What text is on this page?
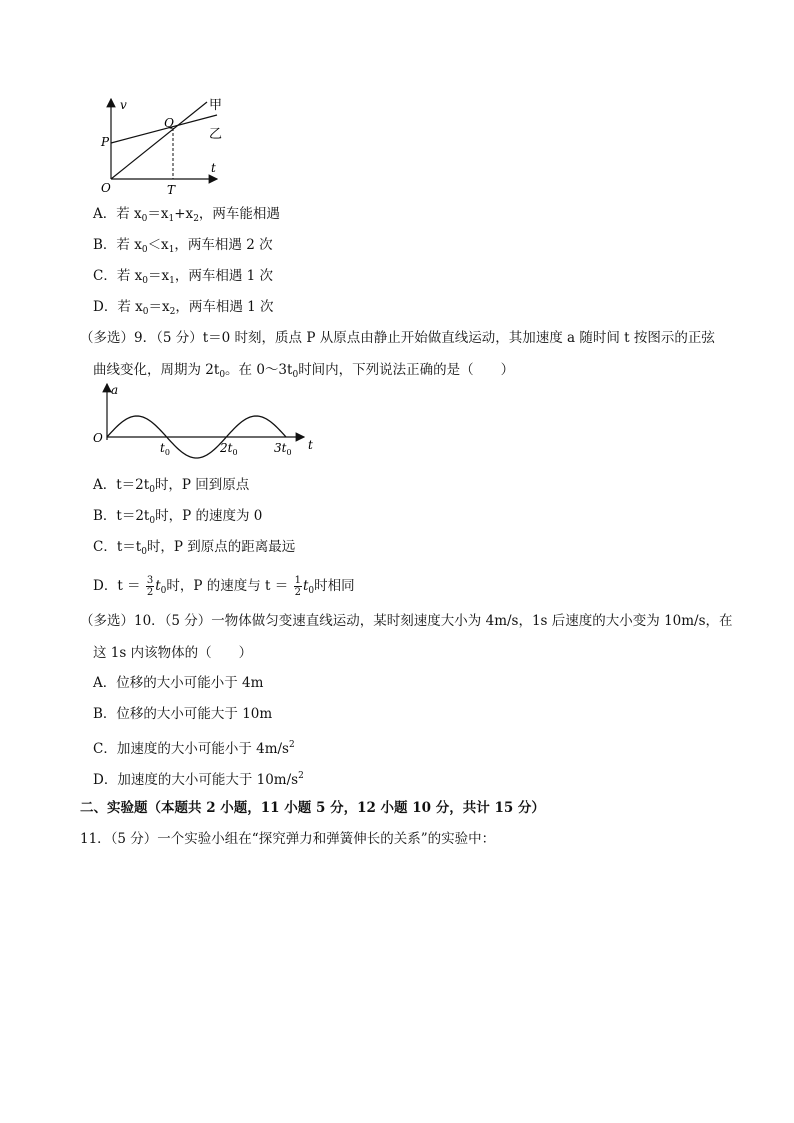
v
P
Q
甲
乙
t
O	T
A．若 $x_0=x_1+x_2$，两车能相遇
B．若 $x_0<x_1$，两车相遇 2 次
C．若 $x_0=x_1$，两车相遇 1 次
D．若 $x_0=x_2$，两车相遇 1 次
（多选）9．（5 分）t＝0 时刻，质点 P 从原点由静止开始做直线运动，其加速度 a 随时间 t 按图示的正弦
曲线变化，周期为 $2t_0$。在 $0\sim 3t_0$时间内，下列说法正确的是（　　）
a
O	t
$t_0$	$2t_0$	$3t_0$
A．$t=2t_0$时，P 回到原点
B．$t=2t_0$时，P 的速度为 0
C．$t=t_0$时，P 到原点的距离最远
D．$t = \frac{3}{2} t_0$时，P 的速度与 $t = \frac{1}{2} t_0$时相同
（多选）10．（5 分）一物体做匀变速直线运动，某时刻速度大小为 4m/s，1s 后速度的大小变为 10m/s，在
这 1s 内该物体的（　　）
A．位移的大小可能小于 4m
B．位移的大小可能大于 10m
C．加速度的大小可能小于 $4m/s^2$
D．加速度的大小可能大于 $10m/s^2$
二、实验题（本题共 2 小题，11 小题 5 分，12 小题 10 分，共计 15 分）
11．（5 分）一个实验小组在“探究弹力和弹簧伸长的关系”的实验中：
